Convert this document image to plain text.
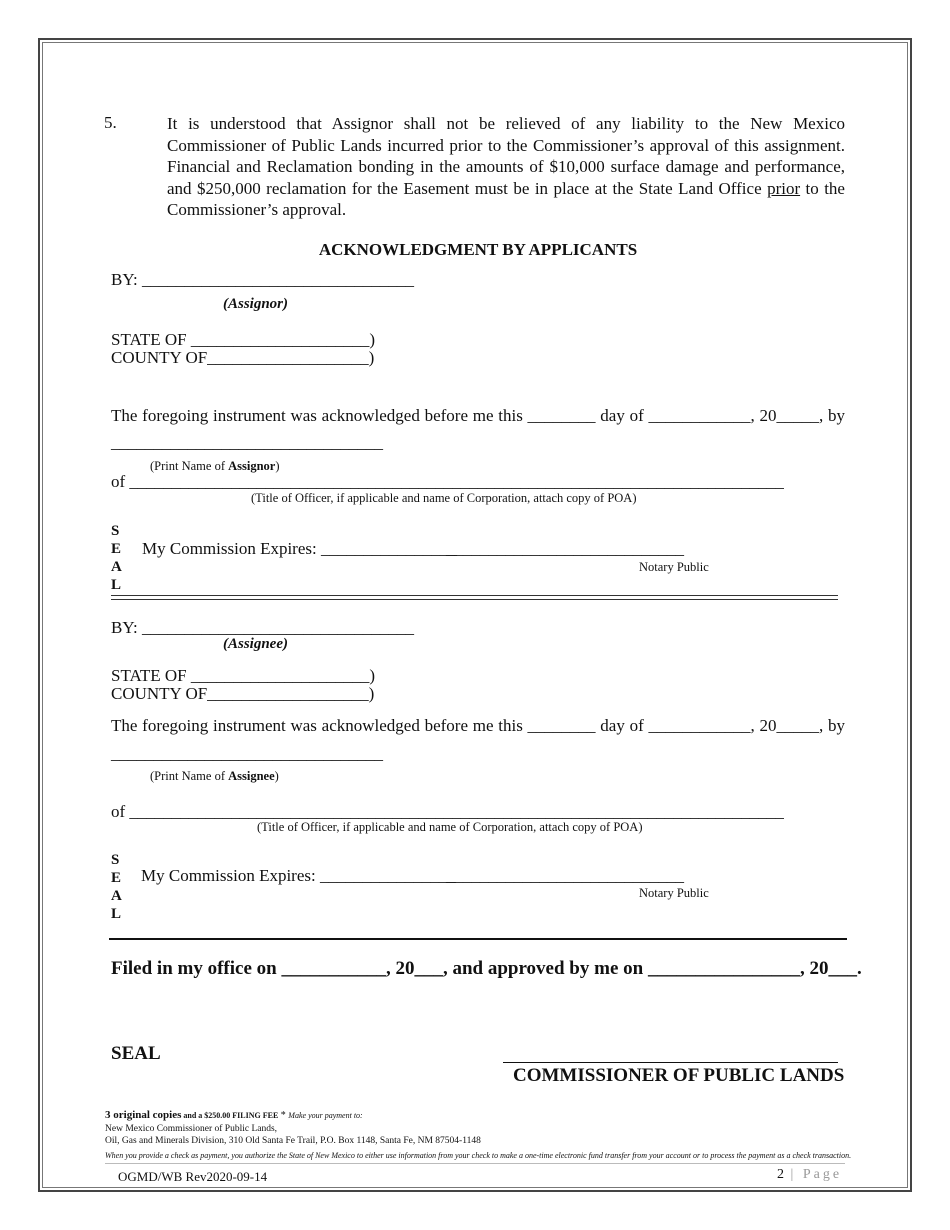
5.	It is understood that Assignor shall not be relieved of any liability to the New Mexico Commissioner of Public Lands incurred prior to the Commissioner’s approval of this assignment. Financial and Reclamation bonding in the amounts of $10,000 surface damage and performance, and $250,000 reclamation for the Easement must be in place at the State Land Office prior to the Commissioner’s approval.
ACKNOWLEDGMENT BY APPLICANTS
BY: ________________________________
(Assignor)
STATE OF _____________________)
COUNTY OF___________________)
The foregoing instrument was acknowledged before me this ________ day of ____________, 20_____, by
________________________________
(Print Name of Assignor)
of _____________________________________________________________________________
(Title of Officer, if applicable and name of Corporation, attach copy of POA)
S
E
A
L
My Commission Expires: ________________
____________________________
Notary Public
BY: ________________________________
(Assignee)
STATE OF _____________________)
COUNTY OF___________________)
The foregoing instrument was acknowledged before me this ________ day of ____________, 20_____, by
________________________________
(Print Name of Assignee)
of _____________________________________________________________________________
(Title of Officer, if applicable and name of Corporation, attach copy of POA)
S
E
A
L
My Commission Expires: ________________
____________________________
Notary Public
Filed in my office on ___________, 20___, and approved by me on ________________, 20___.
SEAL
COMMISSIONER OF PUBLIC LANDS
3 original copies and a $250.00 FILING FEE * Make your payment to:
New Mexico Commissioner of Public Lands,
Oil, Gas and Minerals Division, 310 Old Santa Fe Trail, P.O. Box 1148, Santa Fe, NM 87504-1148
When you provide a check as payment, you authorize the State of New Mexico to either use information from your check to make a one-time electronic fund transfer from your account or to process the payment as a check transaction.
OGMD/WB Rev2020-09-14	2 | Page
